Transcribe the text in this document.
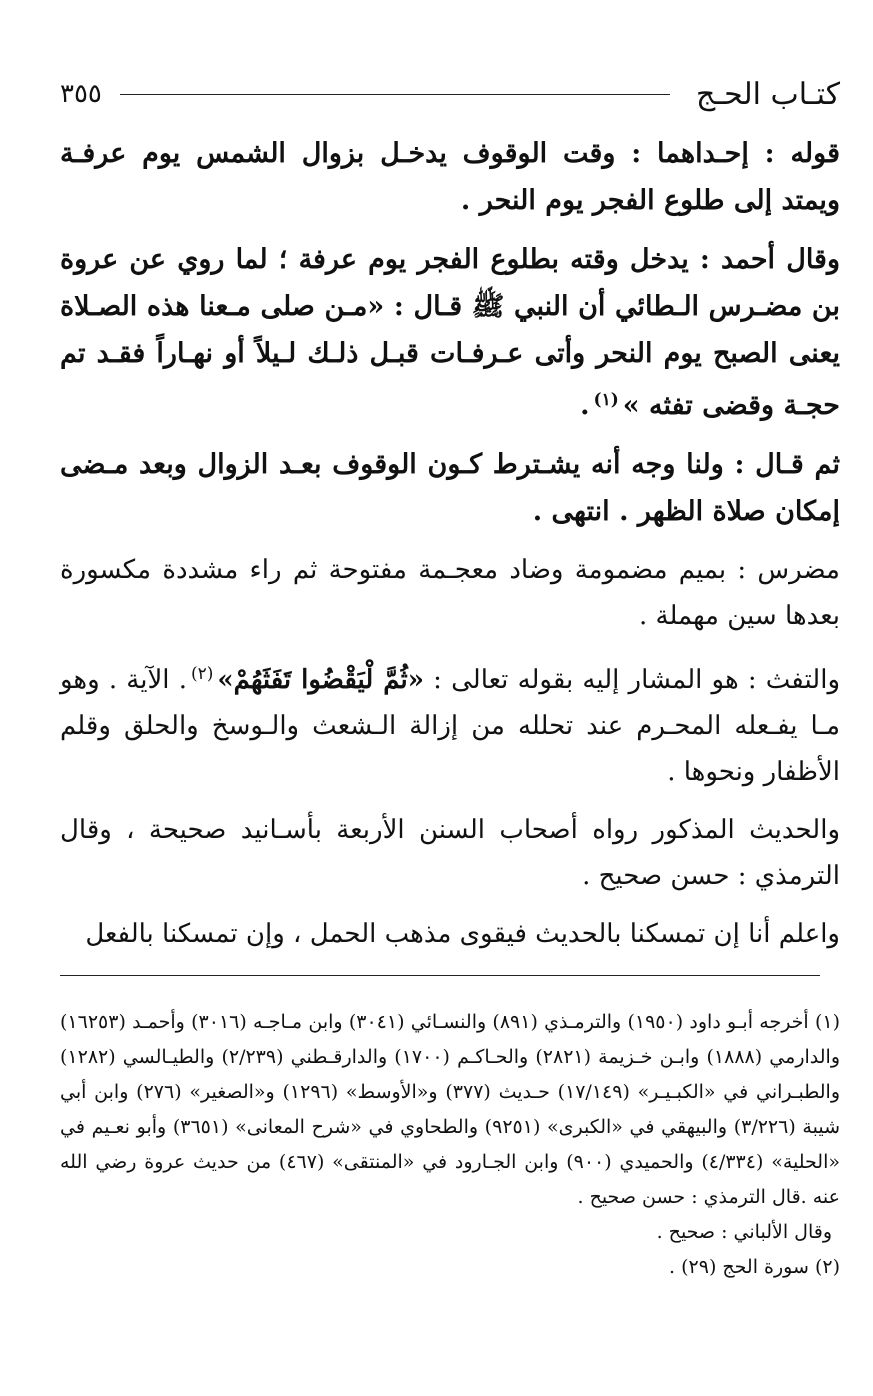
كتـاب الحـج
٣٥٥

قوله : إحـداهما : وقت الوقوف يدخـل بزوال الشمس يوم عرفـة ويمتد إلى طلوع الفجر يوم النحر .

وقال أحمد : يدخل وقته بطلوع الفجر يوم عرفة ؛ لما روي عن عروة بن مضـرس الـطائي أن النبي ﷺ قـال : «مـن صلى مـعنا هذه الصـلاة يعنى الصبح يوم النحر وأتى عـرفـات قبـل ذلـك لـيلاً أو نهـاراً فقـد تم حجـة وقضى تفثه »$^{(١)}$.

ثم قـال : ولنا وجه أنه يشـترط كـون الوقوف بعـد الزوال وبعد مـضى إمكان صلاة الظهر . انتهى .

مضرس : بميم مضمومة وضاد معجـمة مفتوحة ثم راء مشددة مكسورة بعدها سين مهملة .

والتفث : هو المشار إليه بقوله تعالى : «ثُمَّ لْيَقْضُوا تَفَثَهُمْ»$^{(٢)}$. الآية . وهو مـا يفـعله المحـرم عند تحلله من إزالة الـشعث والـوسخ والحلق وقلم الأظفار ونحوها .

والحديث المذكور رواه أصحاب السنن الأربعة بأسـانيد صحيحة ، وقال الترمذي : حسن صحيح .

واعلم أنا إن تمسكنا بالحديث فيقوى مذهب الحمل ، وإن تمسكنا بالفعل

(١) أخرجه أبـو داود (١٩٥٠) والترمـذي (٨٩١) والنسـائي (٣٠٤١) وابن مـاجـه (٣٠١٦) وأحمـد (١٦٢٥٣) والدارمي (١٨٨٨) وابـن خـزيمة (٢٨٢١) والحـاكـم (١٧٠٠) والدارقـطني (٢/٢٣٩) والطيـالسي (١٢٨٢) والطبـراني في «الكبـيـر» (١٧/١٤٩) حـديث (٣٧٧) و«الأوسط» (١٢٩٦) و«الصغير» (٢٧٦) وابن أبي شيبة (٣/٢٢٦) والبيهقي في «الكبرى» (٩٢٥١) والطحاوي في «شرح المعانى» (٣٦٥١) وأبو نعـيم في «الحلية» (٤/٣٣٤) والحميدي (٩٠٠) وابن الجـارود في «المنتقى» (٤٦٧) من حديث عروة رضي الله عنه .قال الترمذي : حسن صحيح .

وقال الألباني : صحيح .

(٢) سورة الحج (٢٩) .
